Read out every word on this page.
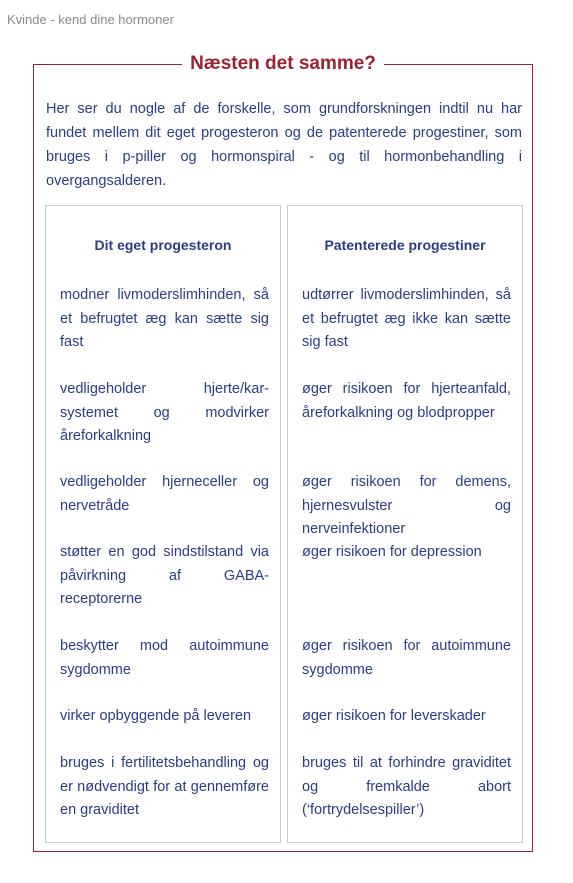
Kvinde - kend dine hormoner
Næsten det samme?

Her ser du nogle af de forskelle, som grundforskningen indtil nu har fundet mellem dit eget progesteron og de patenterede progestiner, som bruges i p-piller og hormonspiral - og til hormonbehandling i overgangsalderen.

Dit eget progesteron

modner livmoderslimhinden, så et befrugtet æg kan sætte sig fast

vedligeholder hjerte/kar-systemet og modvirker åreforkalkning

vedligeholder hjerneceller og nervetråde

støtter en god sindstilstand via påvirkning af GABA-receptorerne

beskytter mod autoimmune sygdomme

virker opbyggende på leveren

bruges i fertilitetsbehandling og er nødvendigt for at gennemføre en graviditet

Patenterede progestiner

udtørrer livmoderslimhinden, så et befrugtet æg ikke kan sætte sig fast

øger risikoen for hjerteanfald, åreforkalkning og blodpropper

øger risikoen for demens, hjernesvulster og nerveinfektioner

øger risikoen for depression

øger risikoen for autoimmune sygdomme

øger risikoen for leverskader

bruges til at forhindre graviditet og fremkalde abort (‘fortrydelsespiller’)
